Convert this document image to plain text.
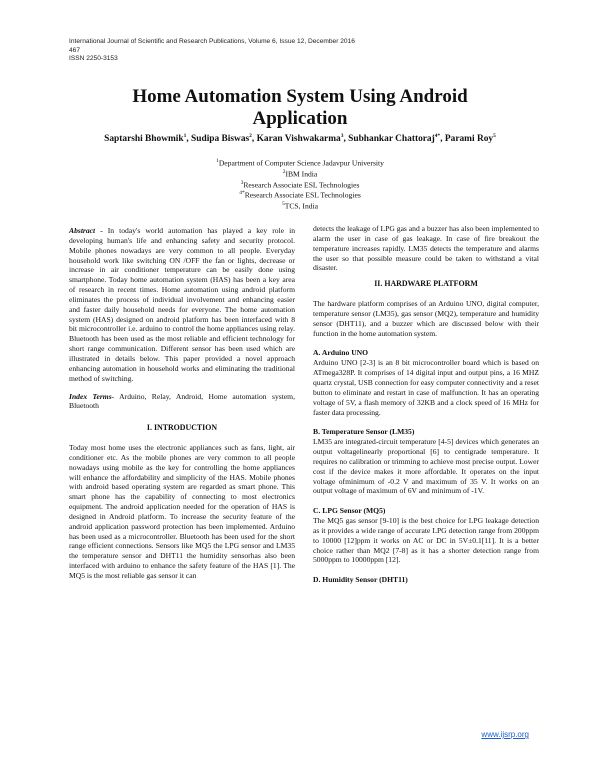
International Journal of Scientific and Research Publications, Volume 6, Issue 12, December 2016
467
ISSN 2250-3153
Home Automation System Using Android
Application
Saptarshi Bhowmik$^1$, Sudipa Biswas$^2$, Karan Vishwakarma$^3$, Subhankar Chattoraj$^{4*}$, Parami Roy$^5$
$^1$Department of Computer Science Jadavpur University
$^2$IBM India
$^3$Research Associate ESL Technologies
$^{4*}$Research Associate ESL Technologies
$^5$TCS, India

Abstract - In today's world automation has played a key role in developing human's life and enhancing safety and security protocol. Mobile phones nowadays are very common to all people. Everyday household work like switching ON /OFF the fan or lights, decrease or increase in air conditioner temperature can be easily done using smartphone. Today home automation system (HAS) has been a key area of research in recent times. Home automation using android platform eliminates the process of individual involvement and enhancing easier and faster daily household needs for everyone. The home automation system (HAS) designed on android platform has been interfaced with 8 bit microcontroller i.e. arduino to control the home appliances using relay. Bluetooth has been used as the most reliable and efficient technology for short range communication. Different sensor has been used which are illustrated in details below. This paper provided a novel approach enhancing automation in household works and eliminating the traditional method of switching.

Index Terms- Arduino, Relay, Android, Home automation system, Bluetooth

I. INTRODUCTION

Today most home uses the electronic appliances such as fans, light, air conditioner etc. As the mobile phones are very common to all people nowadays using mobile as the key for controlling the home appliances will enhance the affordability and simplicity of the HAS. Mobile phones with android based operating system are regarded as smart phone. This smart phone has the capability of connecting to most electronics equipment. The android application needed for the operation of HAS is designed in Android platform. To increase the security feature of the android application password protection has been implemented. Arduino has been used as a microcontroller. Bluetooth has been used for the short range efficient connections. Sensors like MQ5 the LPG sensor and LM35 the temperature sensor and DHT11 the humidity sensorhas also been interfaced with arduino to enhance the safety feature of the HAS [1]. The MQ5 is the most reliable gas sensor it can

detects the leakage of LPG gas and a buzzer has also been implemented to alarm the user in case of gas leakage. In case of fire breakout the temperature increases rapidly. LM35 detects the temperature and alarms the user so that possible measure could be taken to withstand a vital disaster.

II. HARDWARE PLATFORM

The hardware platform comprises of an Arduino UNO, digital computer, temperature sensor (LM35), gas sensor (MQ2), temperature and humidity sensor (DHT11), and a buzzer which are discussed below with their function in the home automation system.

A. Arduino UNO

Arduino UNO [2-3] is an 8 bit microcontroller board which is based on ATmega328P. It comprises of 14 digital input and output pins, a 16 MHZ quartz crystal, USB connection for easy computer connectivity and a reset button to eliminate and restart in case of malfunction. It has an operating voltage of 5V, a flash memory of 32KB and a clock speed of 16 MHz for faster data processing.

B. Temperature Sensor (LM35)

LM35 are integrated-circuit temperature [4-5] devices which generates an output voltagelinearly proportional [6] to centigrade temperature. It requires no calibration or trimming to achieve most precise output. Lower cost if the device makes it more affordable. It operates on the input voltage ofminimum of -0.2 V and maximum of 35 V. It works on an output voltage of maximum of 6V and minimum of -1V.

C. LPG Sensor (MQ5)

The MQ5 gas sensor [9-10] is the best choice for LPG leakage detection as it provides a wide range of accurate LPG detection range from 200ppm to 10000 [12]ppm it works on AC or DC in 5V±0.1[11]. It is a better choice rather than MQ2 [7-8] as it has a shorter detection range from 5000ppm to 10000ppm [12].

D. Humidity Sensor (DHT11)

www.ijsrp.org
